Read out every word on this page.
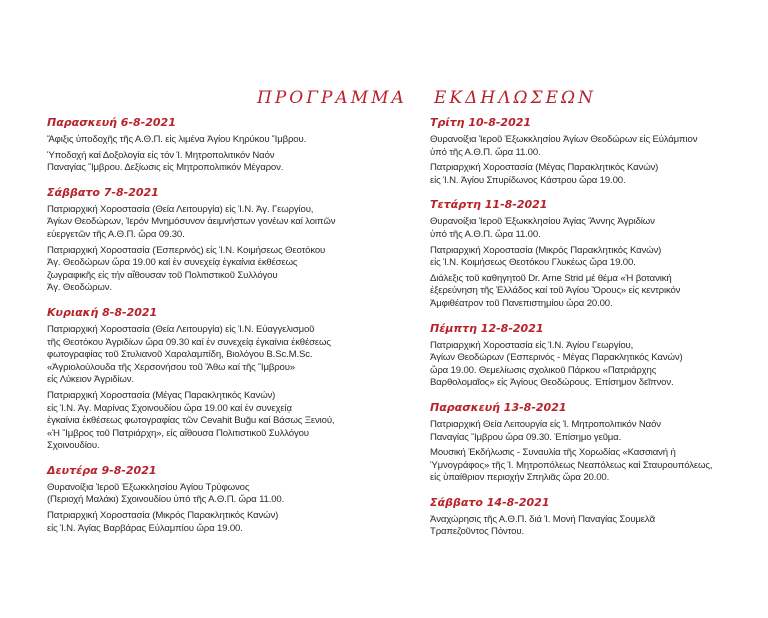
ΠΡΟΓΡΑΜΜΑ ΕΚΔΗΛΩΣΕΩΝ
Παρασκευή 6-8-2021
Ἄφιξις ὑποδοχῆς τῆς Α.Θ.Π. εἰς λιμένα Ἁγίου Κηρύκου Ἴμβρου.
Ὑποδοχή καί Δοξολογία εἰς τόν Ἱ. Μητροπολιτικόν Ναόν
Παναγίας Ἴμβρου. Δεξίωσις εἰς Μητροπολιτικόν Μέγαρον.
Σάββατο 7-8-2021
Πατριαρχική Χοροστασία (Θεία Λειτουργία) εἰς Ἱ.Ν. Ἁγ. Γεωργίου,
Ἁγίων Θεοδώρων, Ἱερόν Μνημόσυνον ἀειμνήστων γονέων καί λοιπῶν
εὐεργετῶν τῆς Α.Θ.Π. ὥρα 09.30.
Πατριαρχική Χοροστασία (Ἑσπερινός) εἰς Ἱ.Ν. Κοιμήσεως Θεοτόκου
Ἁγ. Θεοδώρων ὥρα 19.00 καί ἐν συνεχείᾳ ἐγκαίνια ἐκθέσεως
ζωγραφικῆς εἰς τήν αἴθουσαν τοῦ Πολιτιστικοῦ Συλλόγου
Ἁγ. Θεοδώρων.
Κυριακή 8-8-2021
Πατριαρχική Χοροστασία (Θεία Λειτουργία) εἰς Ἱ.Ν. Εὐαγγελισμοῦ
τῆς Θεοτόκου Ἀγριδίων ὥρα 09.30 καί ἐν συνεχείᾳ ἐγκαίνια ἐκθέσεως
φωτογραφίας τοῦ Στυλιανοῦ Χαραλαμπίδη, Βιολόγου B.Sc.M.Sc.
«Ἀγριολούλουδα τῆς Χερσονήσου τοῦ Ἄθω καί τῆς Ἴμβρου»
εἰς Λύκειον Ἀγριδίων.
Πατριαρχική Χοροστασία (Μέγας Παρακλητικός Κανών)
εἰς Ἱ.Ν. Ἁγ. Μαρίνας Σχοινουδίου ὥρα 19.00 καί ἐν συνεχείᾳ
ἐγκαίνια ἐκθέσεως φωτογραφίας τῶν Cevahit Buğu καί Βάσως Ξενιού,
«Ἡ Ἴμβρος τοῦ Πατριάρχη», εἰς αἴθουσα Πολιτιστικοῦ Συλλόγου
Σχοινουδίου.
Δευτέρα 9-8-2021
Θυρανοίξια Ἱεροῦ Ἐξωκκλησίου Ἁγίου Τρύφωνος
(Περιοχή Μαλάκι) Σχοινουδίου ὑπό τῆς Α.Θ.Π. ὥρα 11.00.
Πατριαρχική Χοροστασία (Μικρός Παρακλητικός Κανών)
εἰς Ἱ.Ν. Ἁγίας Βαρβάρας Εὐλαμπίου ὥρα 19.00.
Τρίτη 10-8-2021
Θυρανοίξια Ἱεροῦ Ἐξωκκλησίου Ἁγίων Θεοδώρων εἰς Εὐλάμπιον
ὑπό τῆς Α.Θ.Π. ὥρα 11.00.
Πατριαρχική Χοροστασία (Μέγας Παρακλητικός Κανών)
εἰς Ἱ.Ν. Ἁγίου Σπυρίδωνος Κάστρου ὥρα 19.00.
Τετάρτη 11-8-2021
Θυρανοίξια Ἱεροῦ Ἐξωκκλησίου Ἁγίας Ἄννης Ἀγριδίων
ὑπό τῆς Α.Θ.Π. ὥρα 11.00.
Πατριαρχική Χοροστασία (Μικρός Παρακλητικός Κανών)
εἰς Ἱ.Ν. Κοιμήσεως Θεοτόκου Γλυκέως ὥρα 19.00.
Διάλεξις τοῦ καθηγητοῦ Dr. Arne Strid μέ θέμα «Ἡ βοτανική
ἐξερεύνηση τῆς Ἑλλάδος καί τοῦ Ἁγίου Ὄρους» εἰς κεντρικόν
Ἀμφιθέατρον τοῦ Πανεπιστημίου ὥρα 20.00.
Πέμπτη 12-8-2021
Πατριαρχική Χοροστασία εἰς Ἱ.Ν. Ἁγίου Γεωργίου,
Ἁγίων Θεοδώρων (Ἑσπερινός - Μέγας Παρακλητικός Κανών)
ὥρα 19.00. Θεμελίωσις σχολικοῦ Πάρκου «Πατριάρχης
Βαρθολομαῖος» εἰς Ἁγίους Θεοδώρους. Ἐπίσημον δεῖπνον.
Παρασκευή 13-8-2021
Πατριαρχική Θεία Λειτουργία εἰς Ἱ. Μητροπολιτικόν Ναόν
Παναγίας Ἴμβρου ὥρα 09.30. Ἐπίσημο γεῦμα.
Μουσική Ἐκδήλωσις - Συναυλία τῆς Χορωδίας «Κασσιανή ἡ
Ὑμνογράφος» τῆς Ἱ. Μητροπόλεως Νεαπόλεως καί Σταυρουπόλεως,
εἰς ὑπαίθριον περιοχήν Σπηλιᾶς ὥρα 20.00.
Σάββατο 14-8-2021
Ἀναχώρησις τῆς Α.Θ.Π. διά Ἱ. Μονή Παναγίας Σουμελᾶ
Τραπεζοῦντος Πόντου.
